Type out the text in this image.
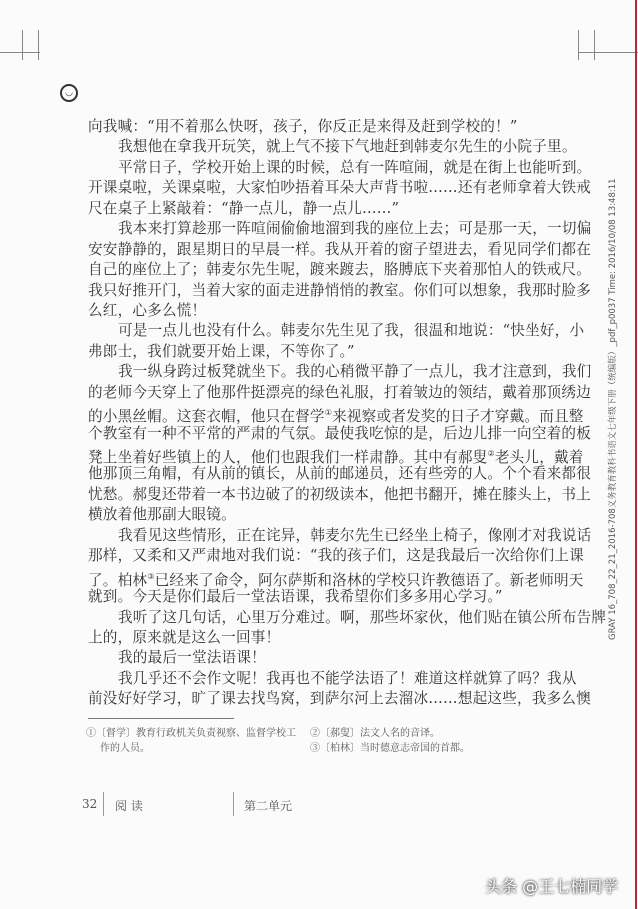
◡
向我喊：“用不着那么快呀，孩子，你反正是来得及赶到学校的！”
我想他在拿我开玩笑，就上气不接下气地赶到韩麦尔先生的小院子里。
平常日子，学校开始上课的时候，总有一阵喧闹，就是在街上也能听到。
开课桌啦，关课桌啦，大家怕吵捂着耳朵大声背书啦……还有老师拿着大铁戒
尺在桌子上紧敲着：“静一点儿，静一点儿……”
我本来打算趁那一阵喧闹偷偷地溜到我的座位上去；可是那一天，一切偏
安安静静的，跟星期日的早晨一样。我从开着的窗子望进去，看见同学们都在
自己的座位上了；韩麦尔先生呢，踱来踱去，胳膊底下夹着那怕人的铁戒尺。
我只好推开门，当着大家的面走进静悄悄的教室。你们可以想象，我那时脸多
么红，心多么慌！
可是一点儿也没有什么。韩麦尔先生见了我，很温和地说：“快坐好，小
弗郎士，我们就要开始上课，不等你了。”
我一纵身跨过板凳就坐下。我的心稍微平静了一点儿，我才注意到，我们
的老师今天穿上了他那件挺漂亮的绿色礼服，打着皱边的领结，戴着那顶绣边
的小黑丝帽。这套衣帽，他只在督学①来视察或者发奖的日子才穿戴。而且整
个教室有一种不平常的严肃的气氛。最使我吃惊的是，后边儿排一向空着的板
凳上坐着好些镇上的人，他们也跟我们一样肃静。其中有郝叟②老头儿，戴着
他那顶三角帽，有从前的镇长，从前的邮递员，还有些旁的人。个个看来都很
忧愁。郝叟还带着一本书边破了的初级读本，他把书翻开，摊在膝头上，书上
横放着他那副大眼镜。
我看见这些情形，正在诧异，韩麦尔先生已经坐上椅子，像刚才对我说话
那样，又柔和又严肃地对我们说：“我的孩子们，这是我最后一次给你们上课
了。柏林③已经来了命令，阿尔萨斯和洛林的学校只许教德语了。新老师明天
就到。今天是你们最后一堂法语课，我希望你们多多用心学习。”
我听了这几句话，心里万分难过。啊，那些坏家伙，他们贴在镇公所布告牌
上的，原来就是这么一回事！
我的最后一堂法语课！
我几乎还不会作文呢！我再也不能学法语了！难道这样就算了吗？我从
前没好好学习，旷了课去找鸟窝，到萨尔河上去溜冰……想起这些，我多么懊
①〔督学〕教育行政机关负责视察、监督学校工
作的人员。
②〔郝叟〕法文人名的音译。
③〔柏林〕当时德意志帝国的首都。
32 阅 读	第二单元
GRAY 16_708_22_21_2016-708义务教育教科书语文七年级下册（统编版）_pdf_p0037 Time: 2016/10/08 13:48:11
头条 @王七楠同学
